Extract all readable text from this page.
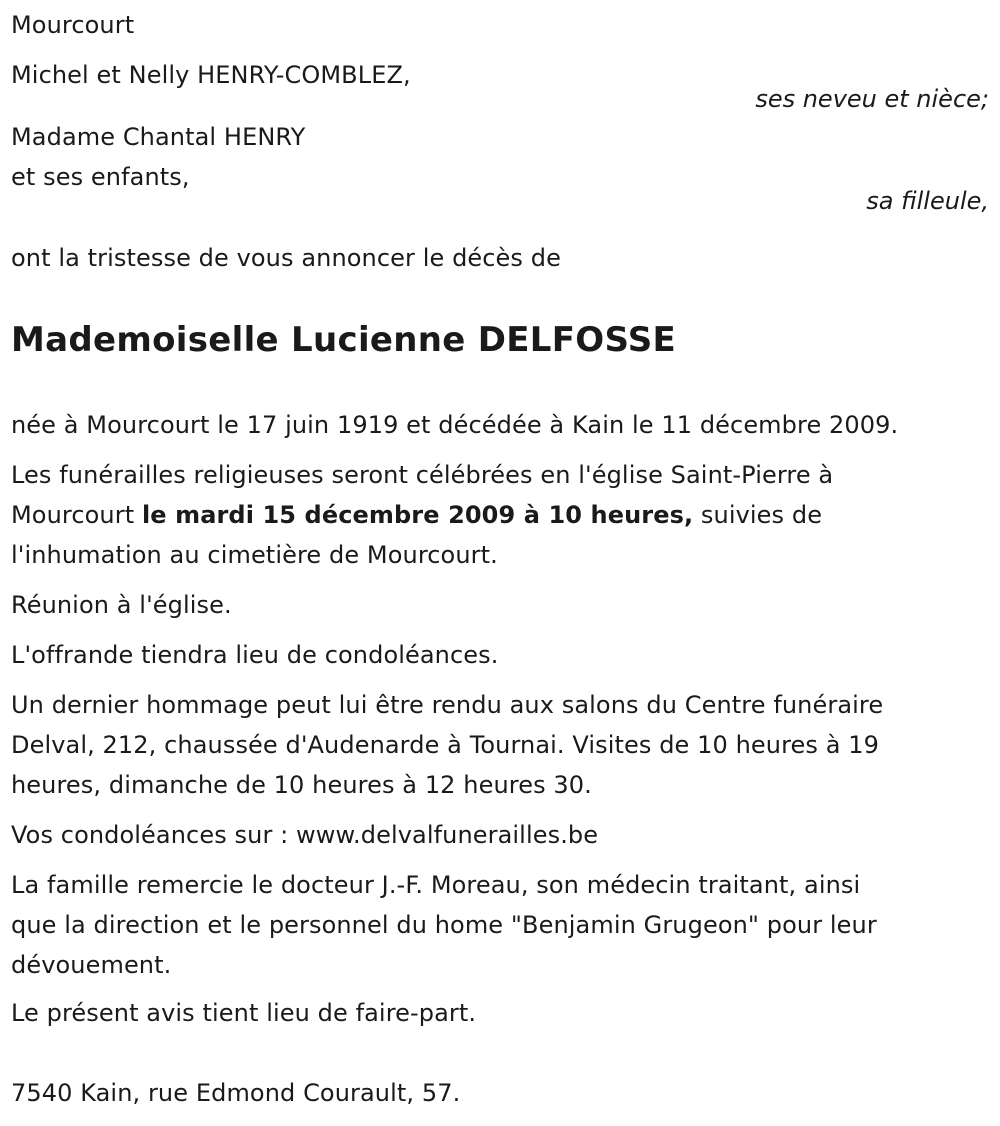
Mourcourt
Michel et Nelly HENRY-COMBLEZ,
ses neveu et nièce;
Madame Chantal HENRY
et ses enfants,
sa filleule,
ont la tristesse de vous annoncer le décès de
Mademoiselle Lucienne DELFOSSE
née à Mourcourt le 17 juin 1919 et décédée à Kain le 11 décembre 2009.
Les funérailles religieuses seront célébrées en l'église Saint-Pierre à
Mourcourt le mardi 15 décembre 2009 à 10 heures, suivies de
l'inhumation au cimetière de Mourcourt.
Réunion à l'église.
L'offrande tiendra lieu de condoléances.
Un dernier hommage peut lui être rendu aux salons du Centre funéraire
Delval, 212, chaussée d'Audenarde à Tournai. Visites de 10 heures à 19
heures, dimanche de 10 heures à 12 heures 30.
Vos condoléances sur : www.delvalfunerailles.be
La famille remercie le docteur J.-F. Moreau, son médecin traitant, ainsi
que la direction et le personnel du home "Benjamin Grugeon" pour leur
dévouement.
Le présent avis tient lieu de faire-part.
7540 Kain, rue Edmond Courault, 57.
